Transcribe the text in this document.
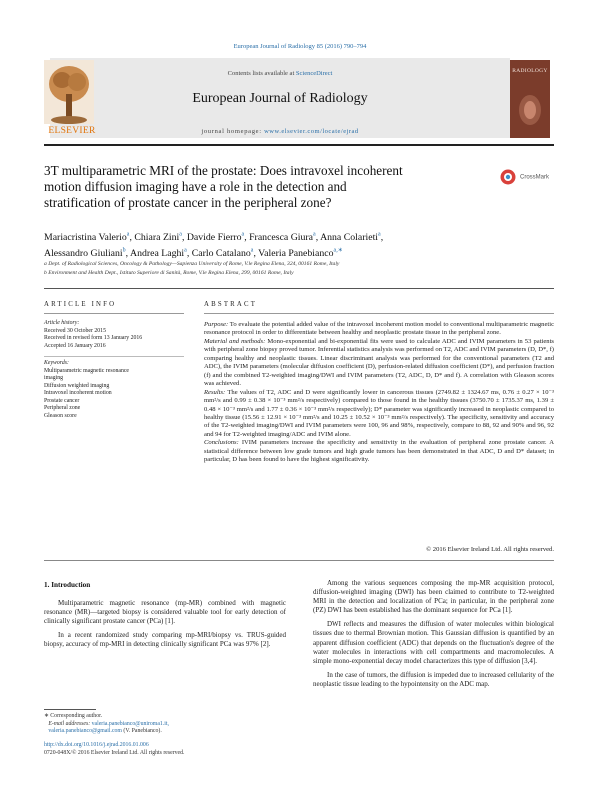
European Journal of Radiology 85 (2016) 790–794
Contents lists available at ScienceDirect
European Journal of Radiology
journal homepage: www.elsevier.com/locate/ejrad
ELSEVIER
RADIOLOGY
3T multiparametric MRI of the prostate: Does intravoxel incoherent
motion diffusion imaging have a role in the detection and
stratification of prostate cancer in the peripheral zone?
CrossMark
Mariacristina Valerio$^a$, Chiara Zini$^a$, Davide Fierro$^a$, Francesca Giura$^a$, Anna Colarieti$^a$,
Alessandro Giuliani$^b$, Andrea Laghi$^a$, Carlo Catalano$^a$, Valeria Panebianco$^{a,∗}$
a Dept. of Radiological Sciences, Oncology & Pathology—Sapienza University of Rome, V.le Regina Elena, 324, 00161 Rome, Italy
b Environment and Health Dept., Istituto Superiore di Sanità, Rome, V.le Regina Elena, 299, 00161 Rome, Italy
ARTICLE INFO	ABSTRACT
Article history:
Received 30 October 2015
Received in revised form 13 January 2016
Accepted 16 January 2016
Keywords:
Multiparametric magnetic resonance
imaging
Diffusion weighted imaging
Intravoxel incoherent motion
Prostate cancer
Peripheral zone
Gleason score

Purpose: To evaluate the potential added value of the intravoxel incoherent motion model to conventional multiparametric magnetic resonance protocol in order to differentiate between healthy and neoplastic prostate tissue in the peripheral zone.

Material and methods: Mono-exponential and bi-exponential fits were used to calculate ADC and IVIM parameters in 53 patients with peripheral zone biopsy proved tumor. Inferential statistics analysis was performed on T2, ADC and IVIM parameters (D, D*, f) comparing healthy and neoplastic tissues. Linear discriminant analysis was performed for the conventional parameters (T2 and ADC), the IVIM parameters (molecular diffusion coefficient (D), perfusion-related diffusion coefficient (D*), and perfusion fraction (f) and the combined T2-weighted imaging/DWI and IVIM parameters (T2, ADC, D, D* and f). A correlation with Gleason scores was achieved.

Results: The values of T2, ADC and D were significantly lower in cancerous tissues (2749.82 ± 1324.67 ms, 0.76 ± 0.27 × 10⁻³ mm²/s and 0.99 ± 0.38 × 10⁻³ mm²/s respectively) compared to those found in the healthy tissues (3750.70 ± 1735.37 ms, 1.39 ± 0.48 × 10⁻³ mm²/s and 1.77 ± 0.36 × 10⁻³ mm²/s respectively); D* parameter was significantly increased in neoplastic compared to healthy tissue (15.56 ± 12.91 × 10⁻³ mm²/s and 10.25 ± 10.52 × 10⁻³ mm²/s respectively). The specificity, sensitivity and accuracy of the T2-weighted imaging/DWI and IVIM parameters were 100, 96 and 98%, respectively, compare to 88, 92 and 90% and 96, 92 and 94 for T2-weighted imaging/ADC and IVIM alone.

Conclusions: IVIM parameters increase the specificity and sensitivity in the evaluation of peripheral zone prostate cancer. A statistical difference between low grade tumors and high grade tumors has been demonstrated in that ADC, D and D* dataset; in particular, D has been found to have the highest significativity.

© 2016 Elsevier Ireland Ltd. All rights reserved.
1. Introduction

Multiparametric magnetic resonance (mp-MR) combined with magnetic resonance (MR)—targeted biopsy is considered valuable tool for early detection of clinically significant prostate cancer (PCa) [1].

In a recent randomized study comparing mp-MRI/biopsy vs. TRUS-guided biopsy, accuracy of mp-MRI in detecting clinically significant PCa was 97% [2].

Among the various sequences composing the mp-MR acquisition protocol, diffusion-weighted imaging (DWI) has been claimed to contribute to T2-weighted MRI in the detection and localization of PCa; in particular, in the peripheral zone (PZ) DWI has been established has the dominant sequence for PCa [1].

DWI reflects and measures the diffusion of water molecules within biological tissues due to thermal Brownian motion. This Gaussian diffusion is quantified by an apparent diffusion coefficient (ADC) that depends on the fluctuation's degree of the water molecules in interactions with cell compartments and macromolecules. A simple mono-exponential decay model characterizes this type of diffusion [3,4].

In the case of tumors, the diffusion is impeded due to increased cellularity of the neoplastic tissue leading to the hypointensity on the ADC map.

∗ Corresponding author.
E-mail addresses: valeria.panebianco@uniroma1.it,
valeria.panebianco@gmail.com (V. Panebianco).
http://dx.doi.org/10.1016/j.ejrad.2016.01.006
0720-048X/© 2016 Elsevier Ireland Ltd. All rights reserved.
